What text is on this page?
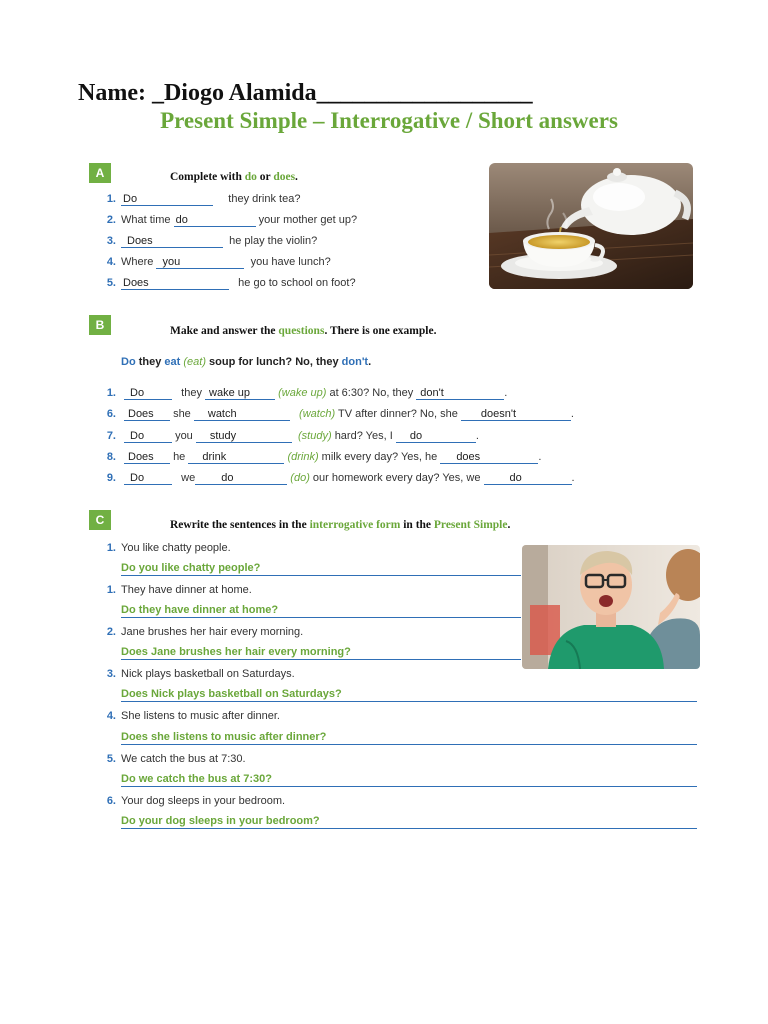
Name: _Diogo Alamida__________________
Present Simple – Interrogative / Short answers
A	Complete with do or does.
1. Do	they drink tea?
2. What time do	your mother get up?
3.	Does	he play the violin?
4. Where you	you have lunch?
5. Does	he go to school on foot?
B	Make and answer the questions. There is one example.
Do they eat (eat) soup for lunch? No, they don't.
1.	Do	they wake up	(wake up) at 6:30? No, they don't	.
6.	Does she watch	(watch) TV after dinner? No, she doesn't	.
7.	Do	you study	(study) hard? Yes, I do	.
8.	Does he drink	(drink) milk every day? Yes, he does	.
9.	Do	we do	(do) our homework every day? Yes, we	do	.
C	Rewrite the sentences in the interrogative form in the Present Simple.
1. You like chatty people.
Do you like chatty people?
1. They have dinner at home.
Do they have dinner at home?
2. Jane brushes her hair every morning.
Does Jane brushes her hair every morning?
3. Nick plays basketball on Saturdays.
Does Nick plays basketball on Saturdays?
4. She listens to music after dinner.
Does she listens to music after dinner?
5. We catch the bus at 7:30.
Do we catch the bus at 7:30?
6. Your dog sleeps in your bedroom.
Do your dog sleeps in your bedroom?
